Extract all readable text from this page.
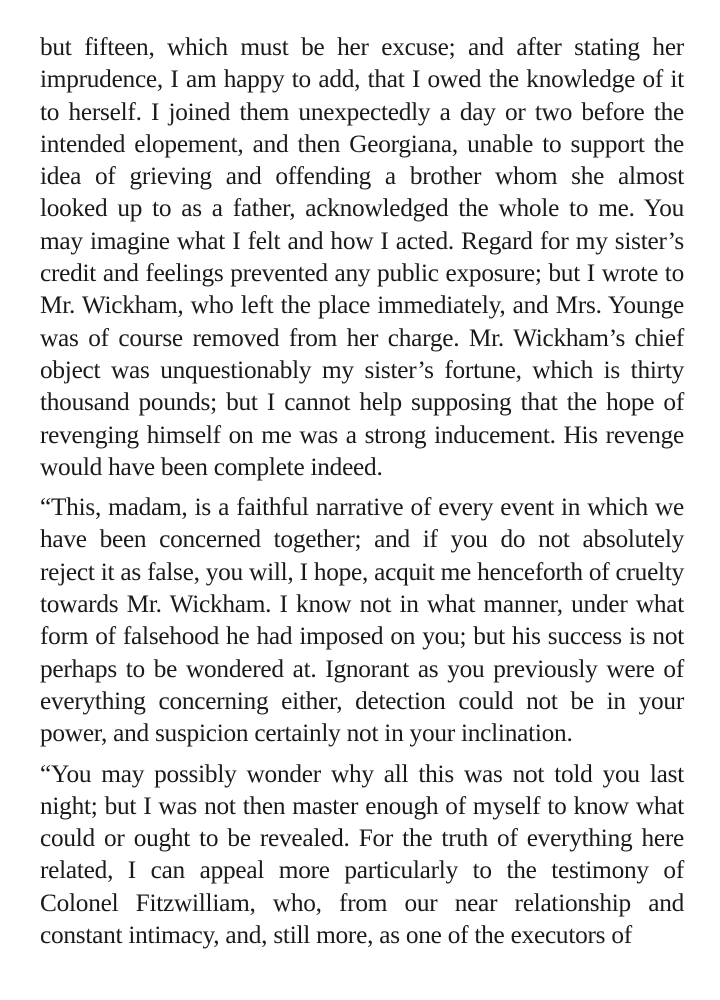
but fifteen, which must be her excuse; and after stating her imprudence, I am happy to add, that I owed the knowledge of it to herself. I joined them unexpectedly a day or two before the intended elopement, and then Georgiana, unable to support the idea of grieving and offending a brother whom she almost looked up to as a father, acknowledged the whole to me. You may imagine what I felt and how I acted. Regard for my sister’s credit and feelings prevented any public exposure; but I wrote to Mr. Wickham, who left the place immediately, and Mrs. Younge was of course removed from her charge. Mr. Wickham’s chief object was unquestionably my sister’s fortune, which is thirty thousand pounds; but I cannot help supposing that the hope of revenging himself on me was a strong inducement. His revenge would have been complete indeed.

“This, madam, is a faithful narrative of every event in which we have been concerned together; and if you do not absolutely reject it as false, you will, I hope, acquit me henceforth of cruelty towards Mr. Wickham. I know not in what manner, under what form of falsehood he had imposed on you; but his success is not perhaps to be wondered at. Ignorant as you previously were of everything concerning either, detection could not be in your power, and suspicion certainly not in your inclination.

“You may possibly wonder why all this was not told you last night; but I was not then master enough of myself to know what could or ought to be revealed. For the truth of everything here related, I can appeal more particularly to the testimony of Colonel Fitzwilliam, who, from our near relationship and constant intimacy, and, still more, as one of the executors of
